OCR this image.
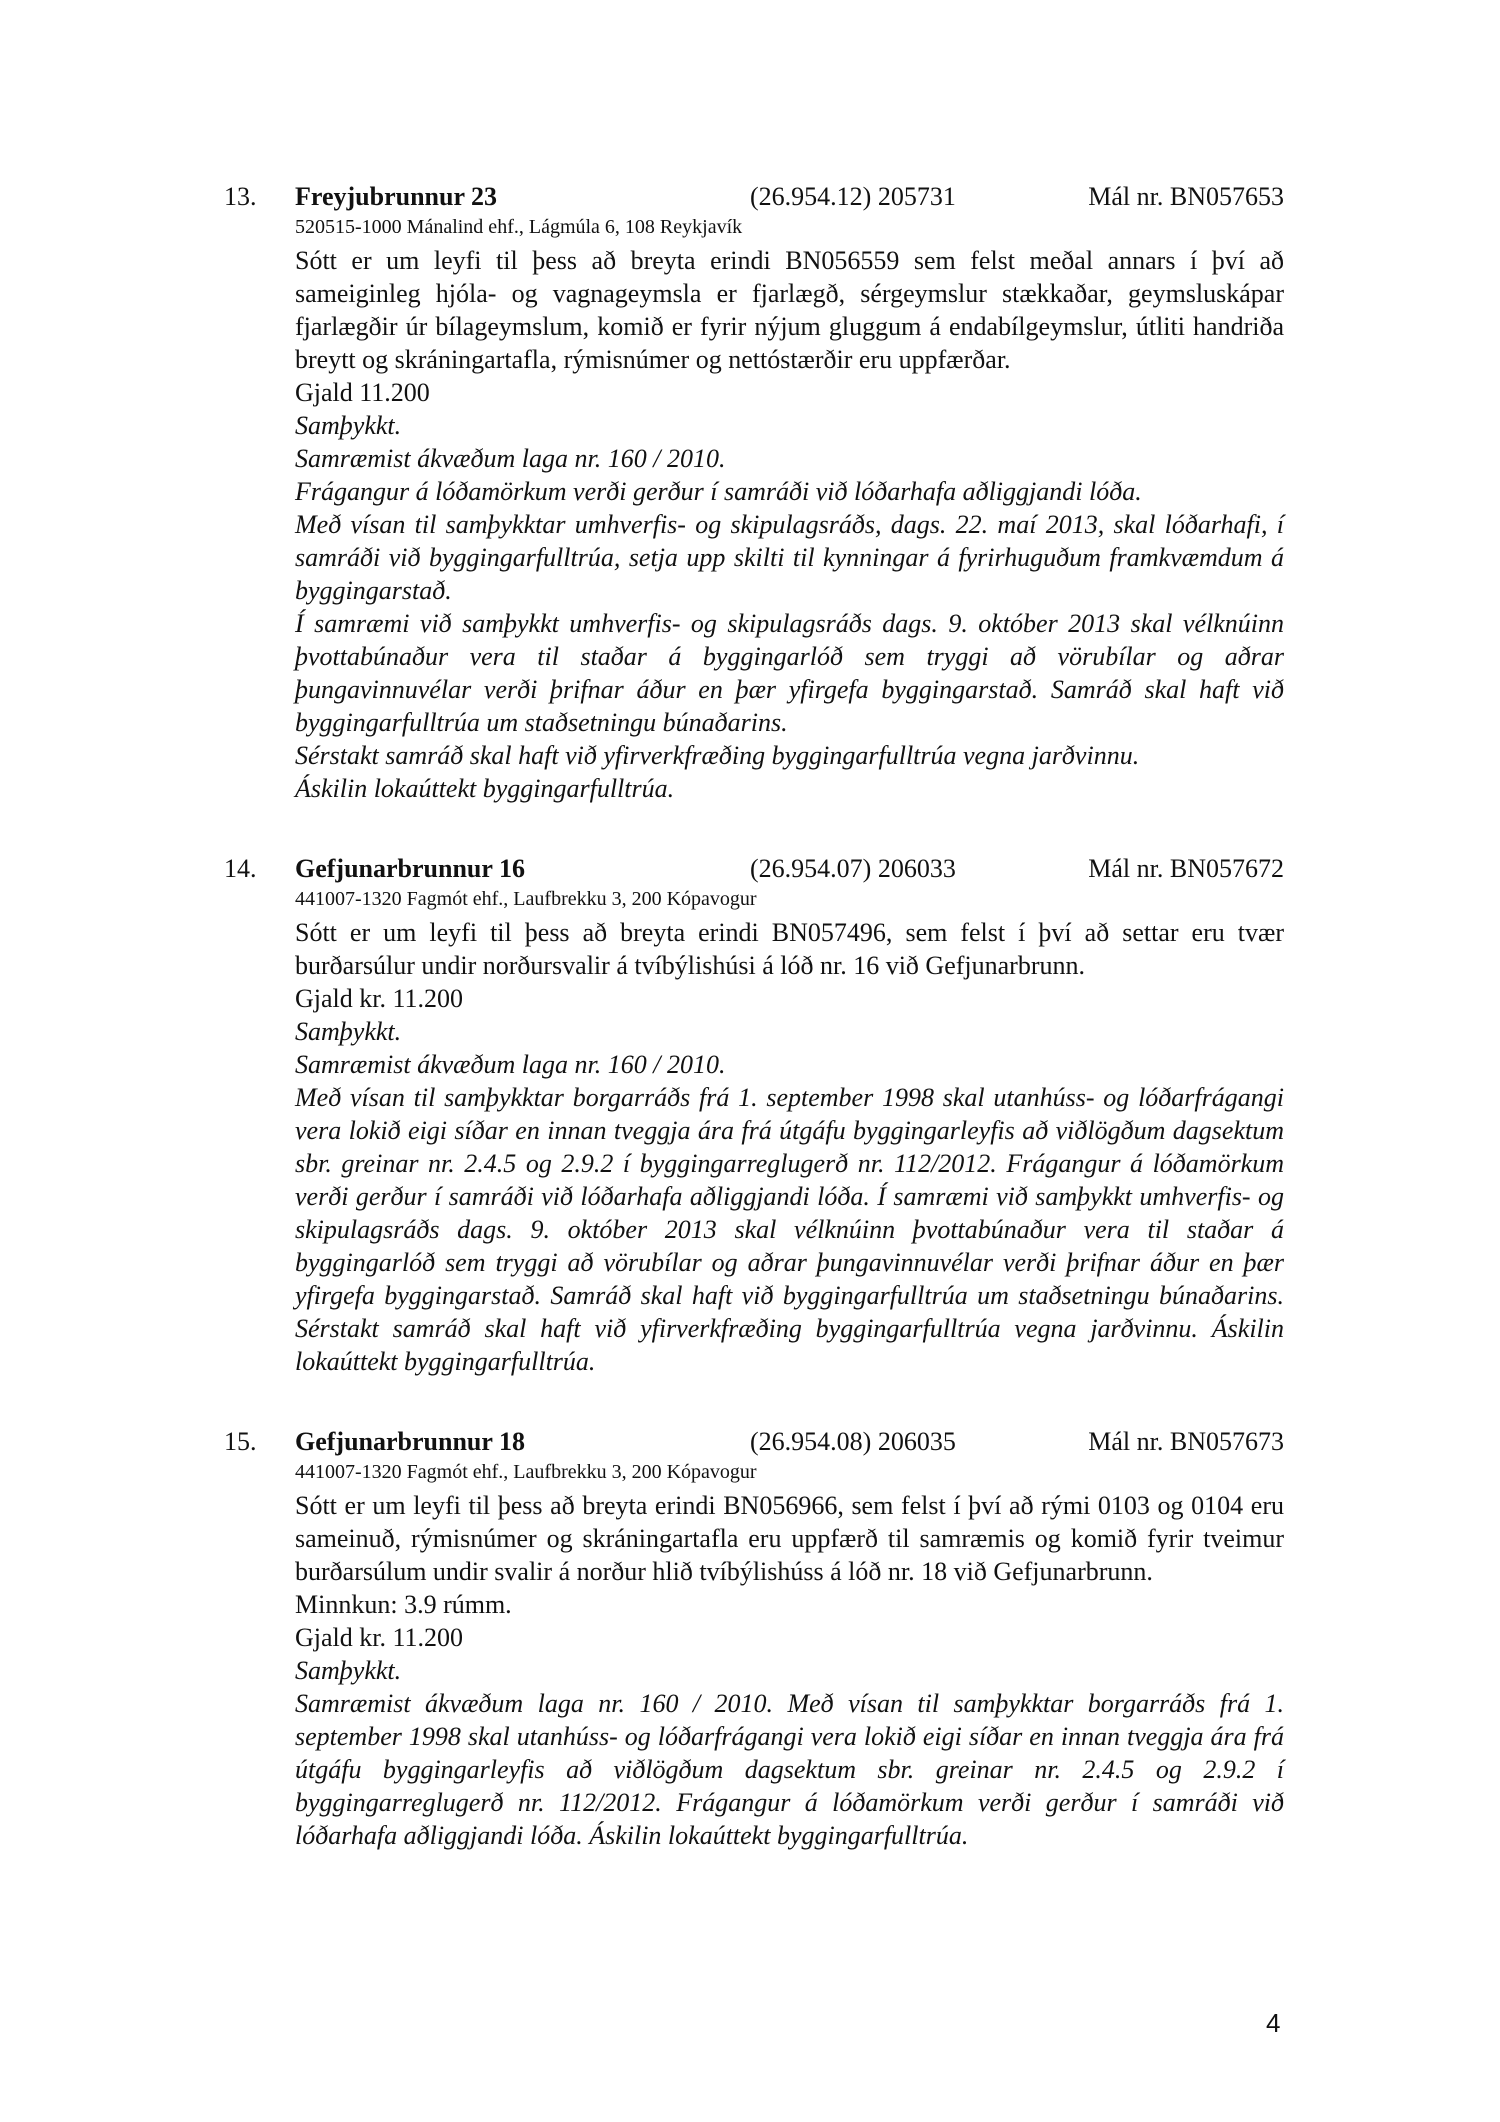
13. Freyjubrunnur 23	(26.954.12) 205731	Mál nr. BN057653
520515-1000 Mánalind ehf., Lágmúla 6, 108 Reykjavík

Sótt er um leyfi til þess að breyta erindi BN056559 sem felst meðal annars í því að sameiginleg hjóla- og vagnageymsla er fjarlægð, sérgeymslur stækkaðar, geymsluskápar fjarlægðir úr bílageymslum, komið er fyrir nýjum gluggum á endabílgeymslur, útliti handriða breytt og skráningartafla, rýmisnúmer og nettóstærðir eru uppfærðar.

Gjald 11.200

Samþykkt.

Samræmist ákvæðum laga nr. 160 / 2010.

Frágangur á lóðamörkum verði gerður í samráði við lóðarhafa aðliggjandi lóða.

Með vísan til samþykktar umhverfis- og skipulagsráðs, dags. 22. maí 2013, skal lóðarhafi, í samráði við byggingarfulltrúa, setja upp skilti til kynningar á fyrirhuguðum framkvæmdum á byggingarstað.

Í samræmi við samþykkt umhverfis- og skipulagsráðs dags. 9. október 2013 skal vélknúinn þvottabúnaður vera til staðar á byggingarlóð sem tryggi að vörubílar og aðrar þungavinnuvélar verði þrifnar áður en þær yfirgefa byggingarstað. Samráð skal haft við byggingarfulltrúa um staðsetningu búnaðarins.

Sérstakt samráð skal haft við yfirverkfræðing byggingarfulltrúa vegna jarðvinnu.

Áskilin lokaúttekt byggingarfulltrúa.

14. Gefjunarbrunnur 16	(26.954.07) 206033	Mál nr. BN057672
441007-1320 Fagmót ehf., Laufbrekku 3, 200 Kópavogur

Sótt er um leyfi til þess að breyta erindi BN057496, sem felst í því að settar eru tvær burðarsúlur undir norðursvalir á tvíbýlishúsi á lóð nr. 16 við Gefjunarbrunn.

Gjald kr. 11.200

Samþykkt.

Samræmist ákvæðum laga nr. 160 / 2010.

Með vísan til samþykktar borgarráðs frá 1. september 1998 skal utanhúss- og lóðarfrágangi vera lokið eigi síðar en innan tveggja ára frá útgáfu byggingarleyfis að viðlögðum dagsektum sbr. greinar nr. 2.4.5 og 2.9.2 í byggingarreglugerð nr. 112/2012. Frágangur á lóðamörkum verði gerður í samráði við lóðarhafa aðliggjandi lóða. Í samræmi við samþykkt umhverfis- og skipulagsráðs dags. 9. október 2013 skal vélknúinn þvottabúnaður vera til staðar á byggingarlóð sem tryggi að vörubílar og aðrar þungavinnuvélar verði þrifnar áður en þær yfirgefa byggingarstað. Samráð skal haft við byggingarfulltrúa um staðsetningu búnaðarins. Sérstakt samráð skal haft við yfirverkfræðing byggingarfulltrúa vegna jarðvinnu. Áskilin lokaúttekt byggingarfulltrúa.

15. Gefjunarbrunnur 18	(26.954.08) 206035	Mál nr. BN057673
441007-1320 Fagmót ehf., Laufbrekku 3, 200 Kópavogur

Sótt er um leyfi til þess að breyta erindi BN056966, sem felst í því að rými 0103 og 0104 eru sameinuð, rýmisnúmer og skráningartafla eru uppfærð til samræmis og komið fyrir tveimur burðarsúlum undir svalir á norður hlið tvíbýlishúss á lóð nr. 18 við Gefjunarbrunn.

Minnkun: 3.9 rúmm.

Gjald kr. 11.200

Samþykkt.

Samræmist ákvæðum laga nr. 160 / 2010. Með vísan til samþykktar borgarráðs frá 1. september 1998 skal utanhúss- og lóðarfrágangi vera lokið eigi síðar en innan tveggja ára frá útgáfu byggingarleyfis að viðlögðum dagsektum sbr. greinar nr. 2.4.5 og 2.9.2 í byggingarreglugerð nr. 112/2012. Frágangur á lóðamörkum verði gerður í samráði við lóðarhafa aðliggjandi lóða. Áskilin lokaúttekt byggingarfulltrúa.

4
